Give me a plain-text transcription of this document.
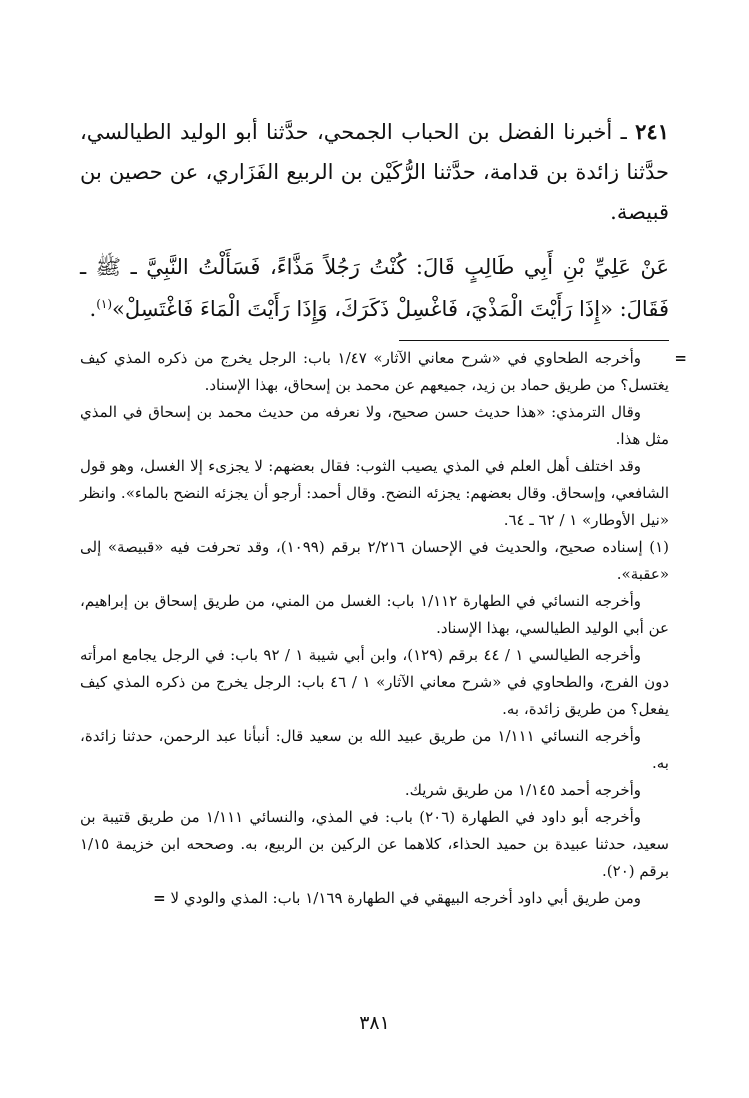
٢٤١ ـ أخبرنا الفضل بن الحباب الجمحي، حدَّثنا أبو الوليد الطيالسي، حدَّثنا زائدة بن قدامة، حدَّثنا الرُّكَيْن بن الربيع الفَزَاري، عن حصين بن قبيصة.

عَنْ عَلِيِّ بْنِ أَبِي طَالِبٍ قَالَ: كُنْتُ رَجُلاً مَذَّاءً، فَسَأَلْتُ النَّبِيَّ ـ ﷺ ـ فَقَالَ: «إِذَا رَأَيْتَ الْمَذْيَ، فَاغْسِلْ ذَكَرَكَ، وَإِذَا رَأَيْتَ الْمَاءَ فَاغْتَسِلْ»$^{(١)}$.

=

وأخرجه الطحاوي في «شرح معاني الآثار» ١/٤٧ باب: الرجل يخرج من ذكره المذي كيف يغتسل؟ من طريق حماد بن زيد، جميعهم عن محمد بن إسحاق، بهذا الإسناد.

وقال الترمذي: «هذا حديث حسن صحيح، ولا نعرفه من حديث محمد بن إسحاق في المذي مثل هذا.

وقد اختلف أهل العلم في المذي يصيب الثوب: فقال بعضهم: لا يجزىء إلا الغسل، وهو قول الشافعي، وإسحاق. وقال بعضهم: يجزئه النضح. وقال أحمد: أرجو أن يجزئه النضح بالماء». وانظر «نيل الأوطار» ١ / ٦٢ ـ ٦٤.

(١) إسناده صحيح، والحديث في الإحسان ٢/٢١٦ برقم (١٠٩٩)، وقد تحرفت فيه «قبيصة» إلى «عقبة».

وأخرجه النسائي في الطهارة ١/١١٢ باب: الغسل من المني، من طريق إسحاق بن إبراهيم، عن أبي الوليد الطيالسي، بهذا الإسناد.

وأخرجه الطيالسي ١ / ٤٤ برقم (١٢٩)، وابن أبي شيبة ١ / ٩٢ باب: في الرجل يجامع امرأته دون الفرج، والطحاوي في «شرح معاني الآثار» ١ / ٤٦ باب: الرجل يخرج من ذكره المذي كيف يفعل؟ من طريق زائدة، به.

وأخرجه النسائي ١/١١١ من طريق عبيد الله بن سعيد قال: أنبأنا عبد الرحمن، حدثنا زائدة، به.

وأخرجه أحمد ١/١٤٥ من طريق شريك.

وأخرجه أبو داود في الطهارة (٢٠٦) باب: في المذي، والنسائي ١/١١١ من طريق قتيبة بن سعيد، حدثنا عبيدة بن حميد الحذاء، كلاهما عن الركين بن الربيع، به. وصححه ابن خزيمة ١/١٥ برقم (٢٠).

ومن طريق أبي داود أخرجه البيهقي في الطهارة ١/١٦٩ باب: المذي والودي لا =

٣٨١
